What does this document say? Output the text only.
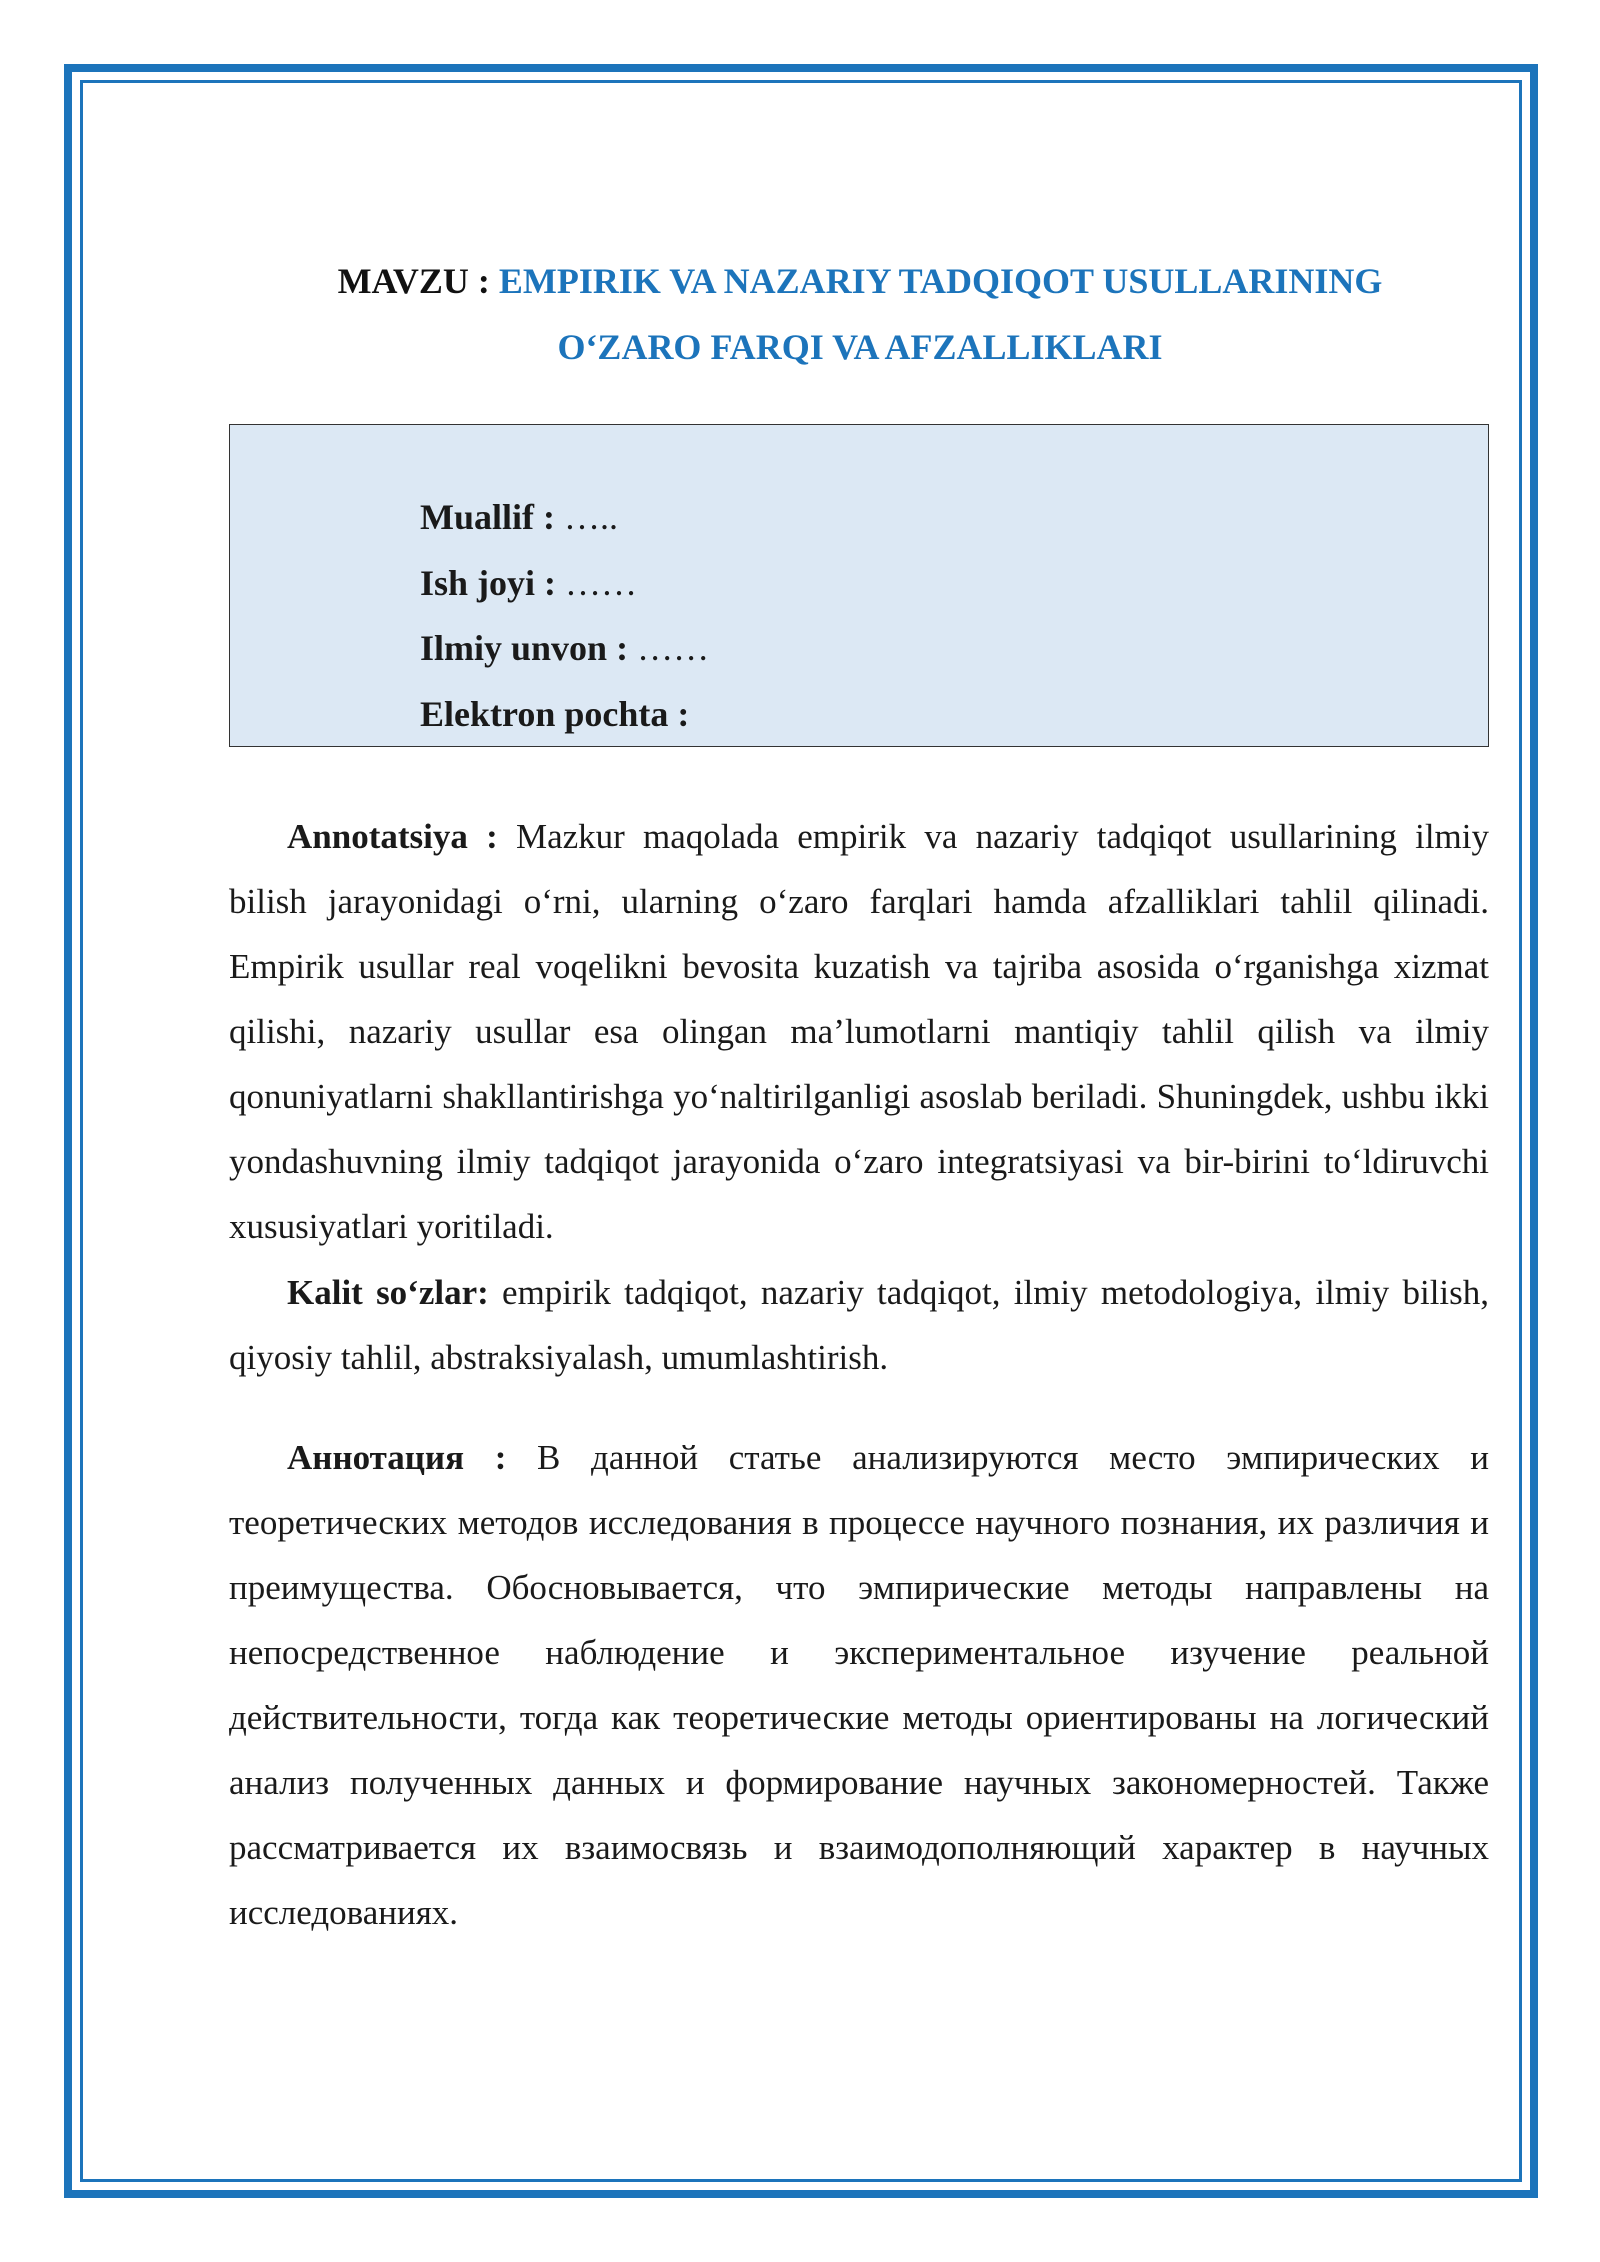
MAVZU : EMPIRIK VA NAZARIY TADQIQOT USULLARINING
O‘ZARO FARQI VA AFZALLIKLARI
Muallif : …..
Ish joyi : ……
Ilmiy unvon : ……
Elektron pochta :

Annotatsiya : Mazkur maqolada empirik va nazariy tadqiqot usullarining ilmiy bilish jarayonidagi o‘rni, ularning o‘zaro farqlari hamda afzalliklari tahlil qilinadi. Empirik usullar real voqelikni bevosita kuzatish va tajriba asosida o‘rganishga xizmat qilishi, nazariy usullar esa olingan ma’lumotlarni mantiqiy tahlil qilish va ilmiy qonuniyatlarni shakllantirishga yo‘naltirilganligi asoslab beriladi. Shuningdek, ushbu ikki yondashuvning ilmiy tadqiqot jarayonida o‘zaro integratsiyasi va bir-birini to‘ldiruvchi xususiyatlari yoritiladi.

Kalit so‘zlar: empirik tadqiqot, nazariy tadqiqot, ilmiy metodologiya, ilmiy bilish, qiyosiy tahlil, abstraksiyalash, umumlashtirish.

Аннотация : В данной статье анализируются место эмпирических и теоретических методов исследования в процессе научного познания, их различия и преимущества. Обосновывается, что эмпирические методы направлены на непосредственное наблюдение и экспериментальное изучение реальной действительности, тогда как теоретические методы ориентированы на логический анализ полученных данных и формирование научных закономерностей. Также рассматривается их взаимосвязь и взаимодополняющий характер в научных исследованиях.
